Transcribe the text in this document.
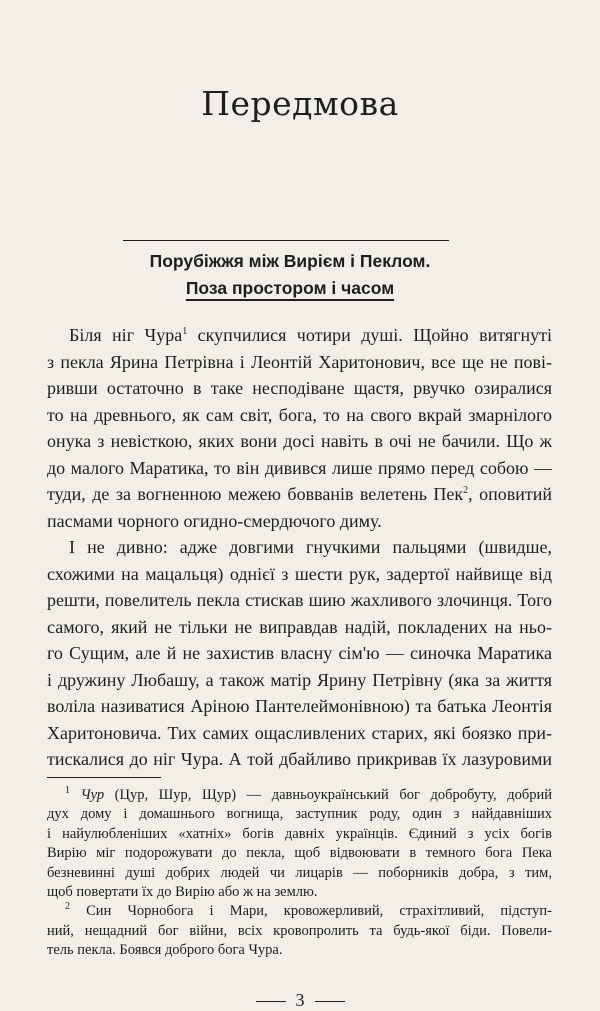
Передмова
Порубіжжя між Вирієм і Пеклом.
Поза простором і часом
Біля ніг Чура$^1$ скупчилися чотири душі. Щойно витягнуті
з пекла Ярина Петрівна і Леонтій Харитонович, все ще не пові-
ривши остаточно в таке несподіване щастя, рвучко озиралися
то на древнього, як сам світ, бога, то на свого вкрай змарнілого
онука з невісткою, яких вони досі навіть в очі не бачили. Що ж
до малого Маратика, то він дивився лише прямо перед собою —
туди, де за вогненною межею бовванів велетень Пек$^2$, оповитий
пасмами чорного огидно-смердючого диму.
І не дивно: адже довгими гнучкими пальцями (швидше,
схожими на мацальця) однієї з шести рук, задертої найвище від
решти, повелитель пекла стискав шию жахливого злочинця. Того
самого, який не тільки не виправдав надій, покладених на ньо-
го Сущим, але й не захистив власну сім'ю — синочка Маратика
і дружину Любашу, а також матір Ярину Петрівну (яка за життя
воліла називатися Аріною Пантелеймонівною) та батька Леонтія
Харитоновича. Тих самих ощасливлених старих, які боязко при-
тискалися до ніг Чура. А той дбайливо прикривав їх лазуровими
$^1$ Чур (Цур, Шур, Щур) — давньоукраїнський бог добробуту, добрий
дух дому і домашнього вогнища, заступник роду, один з найдавніших
і найулюбленіших «хатніх» богів давніх українців. Єдиний з усіх богів
Вирію міг подорожувати до пекла, щоб відвоювати в темного бога Пека
безневинні душі добрих людей чи лицарів — поборників добра, з тим,
щоб повертати їх до Вирію або ж на землю.
$^2$ Син Чорнобога і Мари, кровожерливий, страхітливий, підступ-
ний, нещадний бог війни, всіх кровопролить та будь-якої біди. Повели-
тель пекла. Боявся доброго бога Чура.
3
